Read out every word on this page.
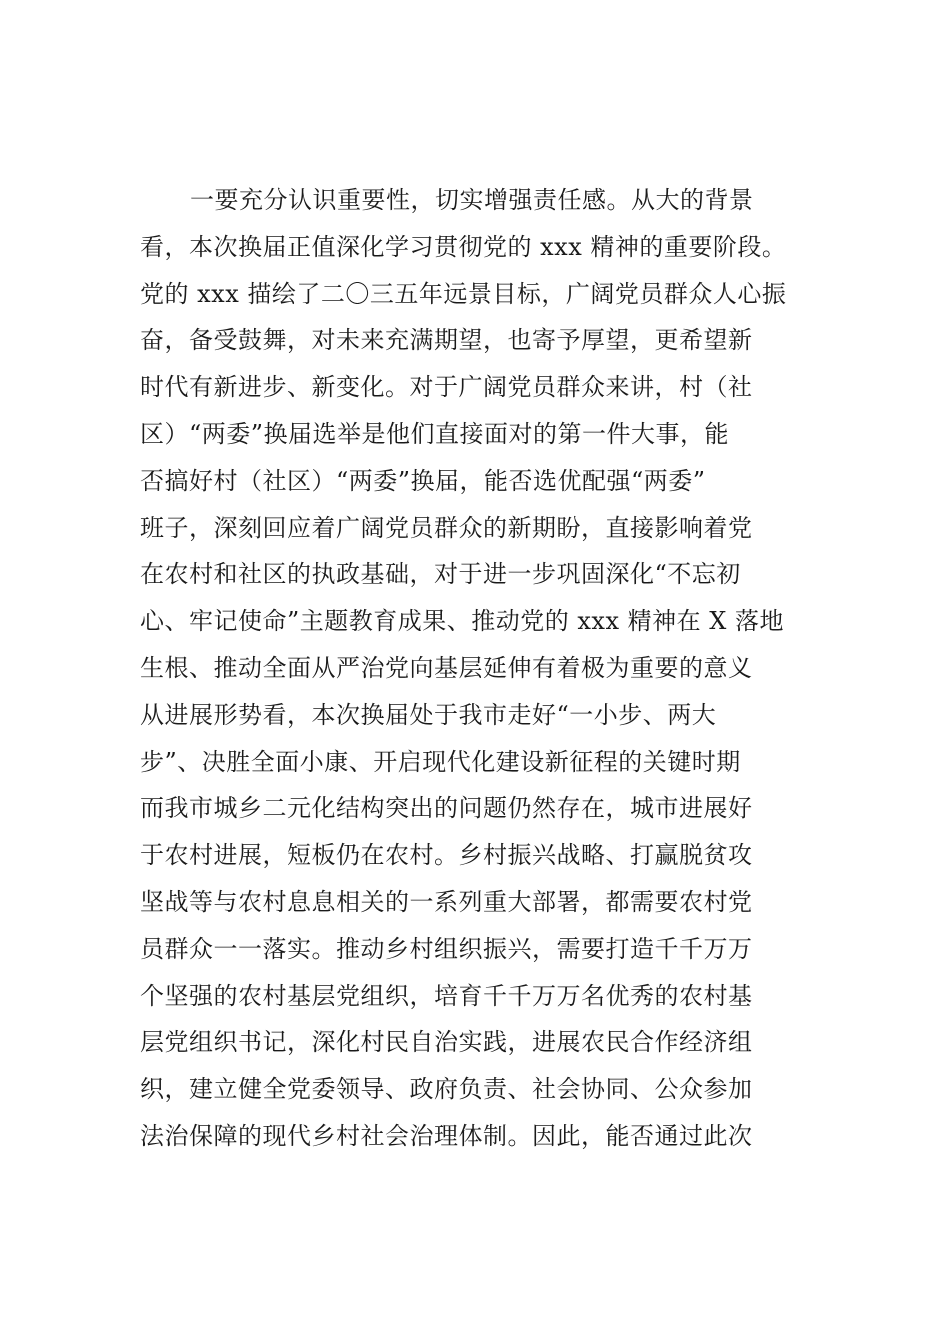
一要充分认识重要性，切实增强责任感。从大的背景
看，本次换届正值深化学习贯彻党的 xxx 精神的重要阶段。
党的 xxx 描绘了二〇三五年远景目标，广阔党员群众人心振
奋，备受鼓舞，对未来充满期望，也寄予厚望，更希望新
时代有新进步、新变化。对于广阔党员群众来讲，村（社
区）“两委”换届选举是他们直接面对的第一件大事，能
否搞好村（社区）“两委”换届，能否选优配强“两委”
班子，深刻回应着广阔党员群众的新期盼，直接影响着党
在农村和社区的执政基础，对于进一步巩固深化“不忘初
心、牢记使命”主题教育成果、推动党的 xxx 精神在 X 落地
生根、推动全面从严治党向基层延伸有着极为重要的意义
从进展形势看，本次换届处于我市走好“一小步、两大
步”、决胜全面小康、开启现代化建设新征程的关键时期
而我市城乡二元化结构突出的问题仍然存在，城市进展好
于农村进展，短板仍在农村。乡村振兴战略、打赢脱贫攻
坚战等与农村息息相关的一系列重大部署，都需要农村党
员群众一一落实。推动乡村组织振兴，需要打造千千万万
个坚强的农村基层党组织，培育千千万万名优秀的农村基
层党组织书记，深化村民自治实践，进展农民合作经济组
织，建立健全党委领导、政府负责、社会协同、公众参加
法治保障的现代乡村社会治理体制。因此，能否通过此次
